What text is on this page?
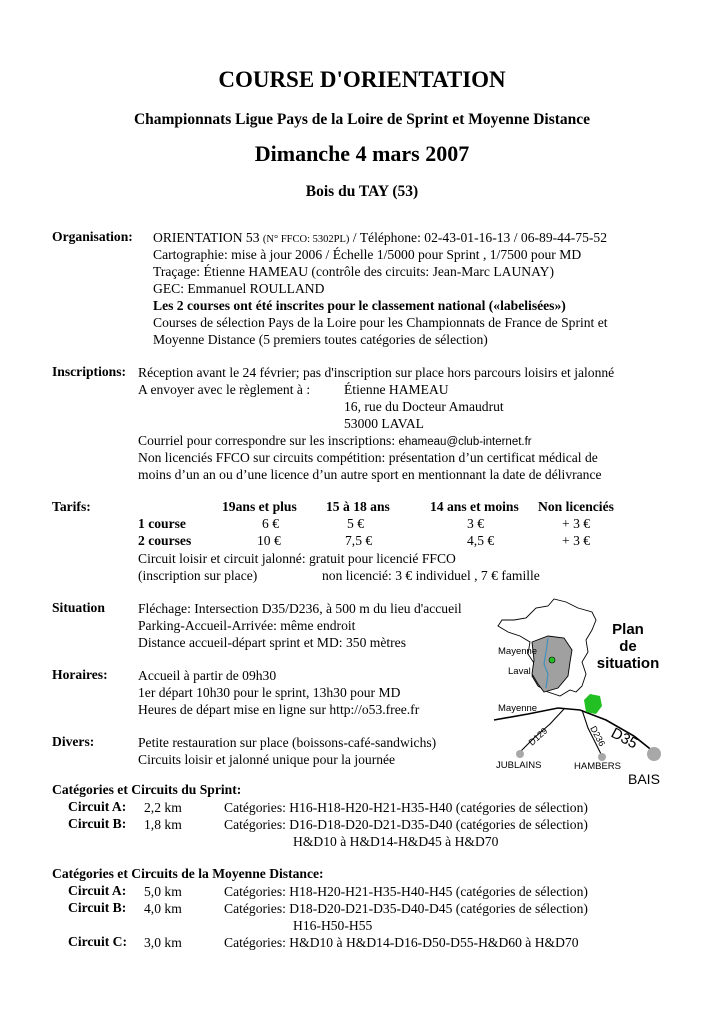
COURSE D'ORIENTATION
Championnats Ligue Pays de la Loire de Sprint et Moyenne Distance
Dimanche 4 mars 2007
Bois du TAY (53)
Organisation: ORIENTATION 53 (N° FFCO: 5302PL) / Téléphone: 02-43-01-16-13 / 06-89-44-75-52
Cartographie: mise à jour 2006 / Échelle 1/5000 pour Sprint , 1/7500 pour MD
Traçage: Étienne HAMEAU (contrôle des circuits: Jean-Marc LAUNAY)
GEC: Emmanuel ROULLAND
Les 2 courses ont été inscrites pour le classement national («labelisées»)
Courses de sélection Pays de la Loire pour les Championnats de France de Sprint et
Moyenne Distance (5 premiers toutes catégories de sélection)
Inscriptions: Réception avant le 24 février; pas d'inscription sur place hors parcours loisirs et jalonné
A envoyer avec le règlement à : Étienne HAMEAU
16, rue du Docteur Amaudrut
53000 LAVAL
Courriel pour correspondre sur les inscriptions: ehameau@club-internet.fr
Non licenciés FFCO sur circuits compétition: présentation d’un certificat médical de
moins d’un an ou d’une licence d’un autre sport en mentionnant la date de délivrance
Tarifs:	19ans et plus 15 à 18 ans	14 ans et moins Non licenciés
1 course	6 €	5 €	3 €	+ 3 €
2 courses	10 €	7,5 €	4,5 €	+ 3 €
Circuit loisir et circuit jalonné: gratuit pour licencié FFCO
(inscription sur place)	non licencié: 3 € individuel , 7 € famille
Situation Fléchage: Intersection D35/D236, à 500 m du lieu d'accueil
Parking-Accueil-Arrivée: même endroit
Distance accueil-départ sprint et MD: 350 mètres
Horaires: Accueil à partir de 09h30
1er départ 10h30 pour le sprint, 13h30 pour MD
Heures de départ mise en ligne sur http://o53.free.fr
Divers:	Petite restauration sur place (boissons-café-sandwichs)
Circuits loisir et jalonné unique pour la journée
Mayenne
Laval
Plan
de
situation
Mayenne
D35
D129	D236
JUBLAINS	HAMBERS
BAIS
Catégories et Circuits du Sprint:
Circuit A: 2,2 km	Catégories: H16-H18-H20-H21-H35-H40 (catégories de sélection)
Circuit B: 1,8 km	Catégories: D16-D18-D20-D21-D35-D40 (catégories de sélection)
H&D10 à H&D14-H&D45 à H&D70
Catégories et Circuits de la Moyenne Distance:
Circuit A: 5,0 km	Catégories: H18-H20-H21-H35-H40-H45 (catégories de sélection)
Circuit B: 4,0 km	Catégories: D18-D20-D21-D35-D40-D45 (catégories de sélection)
H16-H50-H55
Circuit C: 3,0 km	Catégories: H&D10 à H&D14-D16-D50-D55-H&D60 à H&D70
